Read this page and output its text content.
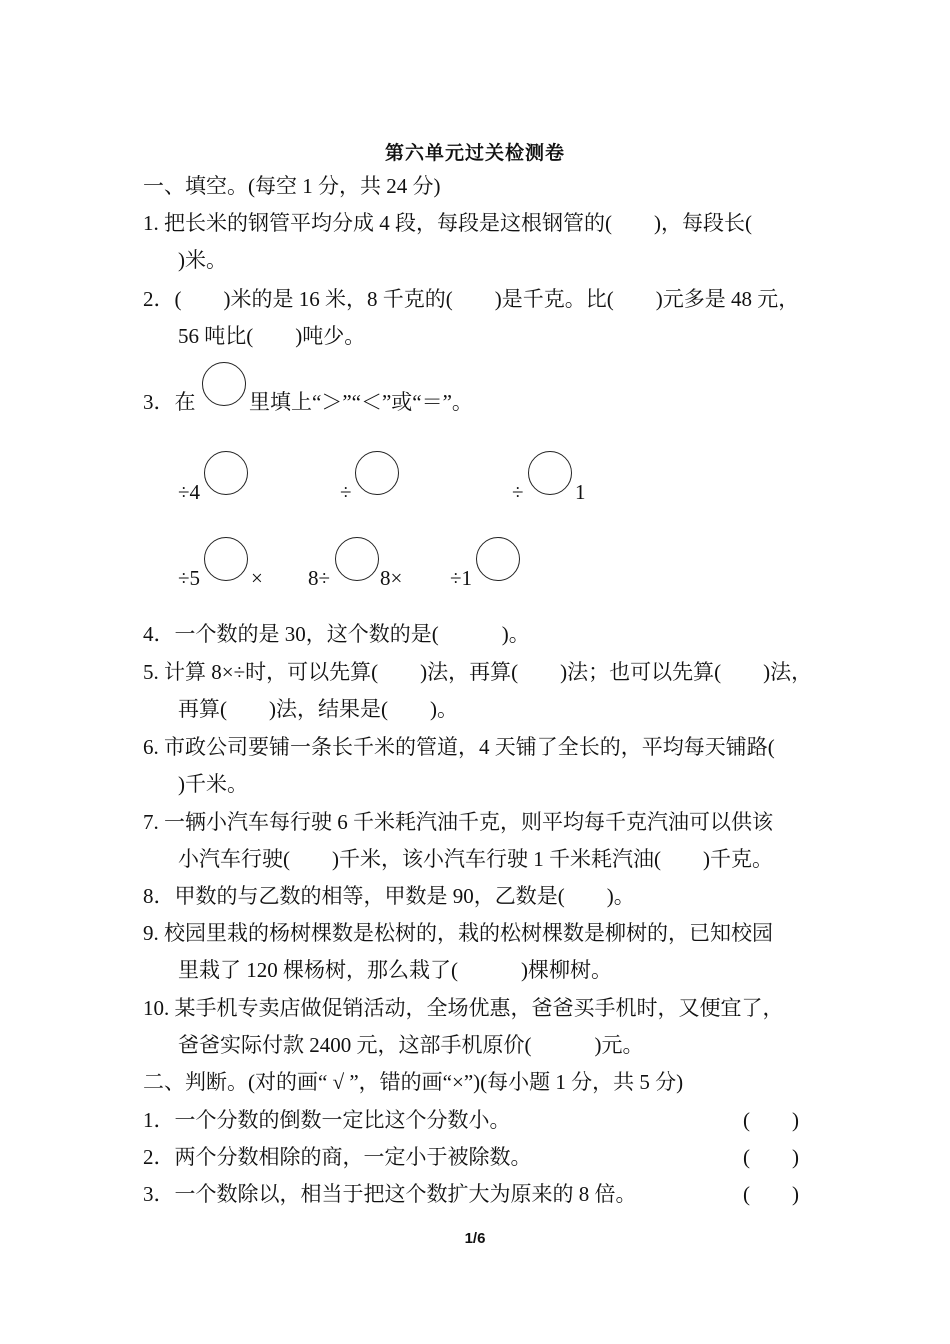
第六单元过关检测卷
一、填空。(每空 1 分，共 24 分)
1. 把长米的钢管平均分成 4 段，每段是这根钢管的(        )，每段长(
)米。
2．(        )米的是 16 米，8 千克的(        )是千克。比(        )元多是 48 元，
56 吨比(        )吨少。
3．在	里填上“＞”“＜”或“＝”。
÷4	÷	÷ 1
÷5 × 8÷ 8× ÷1
4．一个数的是 30，这个数的是(            )。
5. 计算 8×÷时，可以先算(        )法，再算(        )法；也可以先算(        )法，
再算(        )法，结果是(        )。
6. 市政公司要铺一条长千米的管道，4 天铺了全长的，平均每天铺路(
)千米。
7. 一辆小汽车每行驶 6 千米耗汽油千克，则平均每千克汽油可以供该
小汽车行驶(        )千米，该小汽车行驶 1 千米耗汽油(        )千克。
8．甲数的与乙数的相等，甲数是 90，乙数是(        )。
9. 校园里栽的杨树棵数是松树的，栽的松树棵数是柳树的，已知校园
里栽了 120 棵杨树，那么栽了(            )棵柳树。
10. 某手机专卖店做促销活动，全场优惠，爸爸买手机时，又便宜了，
爸爸实际付款 2400 元，这部手机原价(            )元。
二、判断。(对的画“ √ ”，错的画“×”)(每小题 1 分，共 5 分)
1．一个分数的倒数一定比这个分数小。	(        )
2．两个分数相除的商，一定小于被除数。	(        )
3．一个数除以，相当于把这个数扩大为原来的 8 倍。	(        )
1/6
